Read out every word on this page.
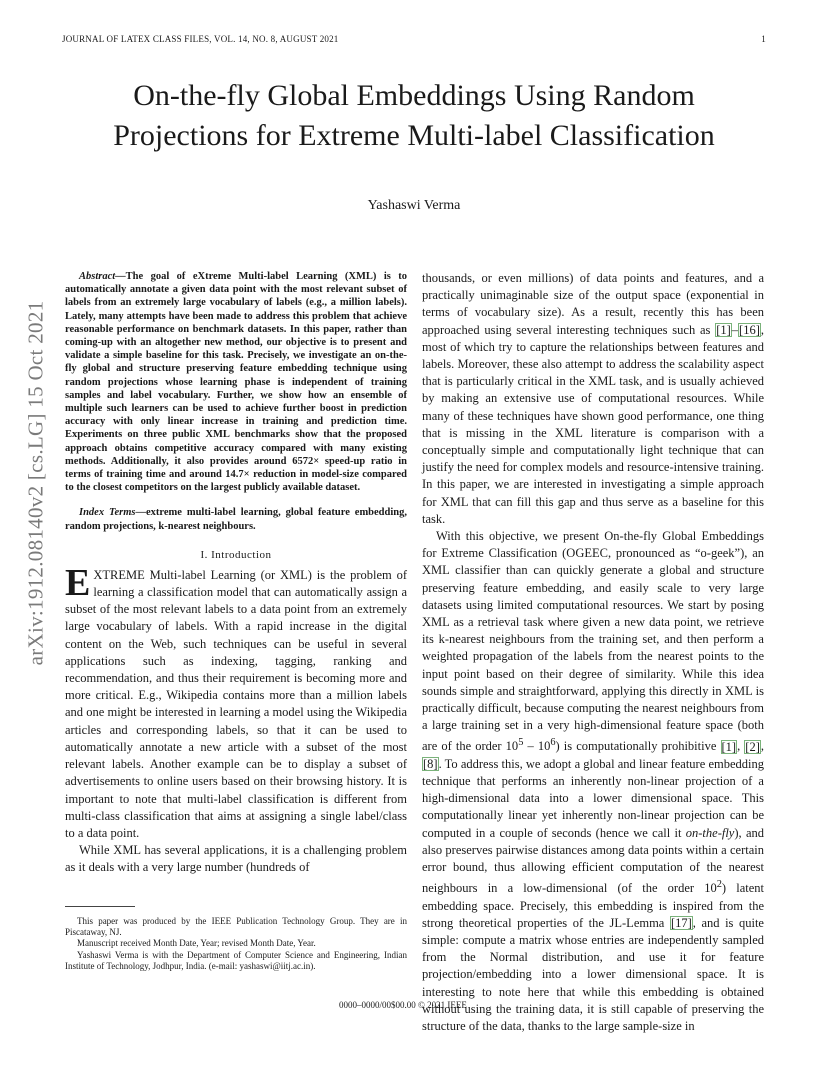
JOURNAL OF LATEX CLASS FILES, VOL. 14, NO. 8, AUGUST 2021	1
On-the-fly Global Embeddings Using Random Projections for Extreme Multi-label Classification
Yashaswi Verma
arXiv:1912.08140v2 [cs.LG] 15 Oct 2021

Abstract—The goal of eXtreme Multi-label Learning (XML) is to automatically annotate a given data point with the most relevant subset of labels from an extremely large vocabulary of labels (e.g., a million labels). Lately, many attempts have been made to address this problem that achieve reasonable performance on benchmark datasets. In this paper, rather than coming-up with an altogether new method, our objective is to present and validate a simple baseline for this task. Precisely, we investigate an on-the-fly global and structure preserving feature embedding technique using random projections whose learning phase is independent of training samples and label vocabulary. Further, we show how an ensemble of multiple such learners can be used to achieve further boost in prediction accuracy with only linear increase in training and prediction time. Experiments on three public XML benchmarks show that the proposed approach obtains competitive accuracy compared with many existing methods. Additionally, it also provides around 6572× speed-up ratio in terms of training time and around 14.7× reduction in model-size compared to the closest competitors on the largest publicly available dataset.

Index Terms—extreme multi-label learning, global feature embedding, random projections, k-nearest neighbours.

I. Introduction

EXTREME Multi-label Learning (or XML) is the problem of learning a classification model that can automatically assign a subset of the most relevant labels to a data point from an extremely large vocabulary of labels. With a rapid increase in the digital content on the Web, such techniques can be useful in several applications such as indexing, tagging, ranking and recommendation, and thus their requirement is becoming more and more critical. E.g., Wikipedia contains more than a million labels and one might be interested in learning a model using the Wikipedia articles and corresponding labels, so that it can be used to automatically annotate a new article with a subset of the most relevant labels. Another example can be to display a subset of advertisements to online users based on their browsing history. It is important to note that multi-label classification is different from multi-class classification that aims at assigning a single label/class to a data point.

While XML has several applications, it is a challenging problem as it deals with a very large number (hundreds of

thousands, or even millions) of data points and features, and a practically unimaginable size of the output space (exponential in terms of vocabulary size). As a result, recently this has been approached using several interesting techniques such as [1]–[16], most of which try to capture the relationships between features and labels. Moreover, these also attempt to address the scalability aspect that is particularly critical in the XML task, and is usually achieved by making an extensive use of computational resources. While many of these techniques have shown good performance, one thing that is missing in the XML literature is comparison with a conceptually simple and computationally light technique that can justify the need for complex models and resource-intensive training. In this paper, we are interested in investigating a simple approach for XML that can fill this gap and thus serve as a baseline for this task.

With this objective, we present On-the-fly Global Embeddings for Extreme Classification (OGEEC, pronounced as “o-geek”), an XML classifier than can quickly generate a global and structure preserving feature embedding, and easily scale to very large datasets using limited computational resources. We start by posing XML as a retrieval task where given a new data point, we retrieve its k-nearest neighbours from the training set, and then perform a weighted propagation of the labels from the nearest points to the input point based on their degree of similarity. While this idea sounds simple and straightforward, applying this directly in XML is practically difficult, because computing the nearest neighbours from a large training set in a very high-dimensional feature space (both are of the order $10^5 - 10^6$) is computationally prohibitive [1], [2], [8]. To address this, we adopt a global and linear feature embedding technique that performs an inherently non-linear projection of a high-dimensional data into a lower dimensional space. This computationally linear yet inherently non-linear projection can be computed in a couple of seconds (hence we call it on-the-fly), and also preserves pairwise distances among data points within a certain error bound, thus allowing efficient computation of the nearest neighbours in a low-dimensional (of the order $10^2$) latent embedding space. Precisely, this embedding is inspired from the strong theoretical properties of the JL-Lemma [17], and is quite simple: compute a matrix whose entries are independently sampled from the Normal distribution, and use it for feature projection/embedding into a lower dimensional space. It is interesting to note here that while this embedding is obtained without using the training data, it is still capable of preserving the structure of the data, thanks to the large sample-size in

This paper was produced by the IEEE Publication Technology Group. They are in Piscataway, NJ.

Manuscript received Month Date, Year; revised Month Date, Year.

Yashaswi Verma is with the Department of Computer Science and Engineering, Indian Institute of Technology, Jodhpur, India. (e-mail: yashaswi@iitj.ac.in).

0000–0000/00$00.00 © 2021 IEEE
